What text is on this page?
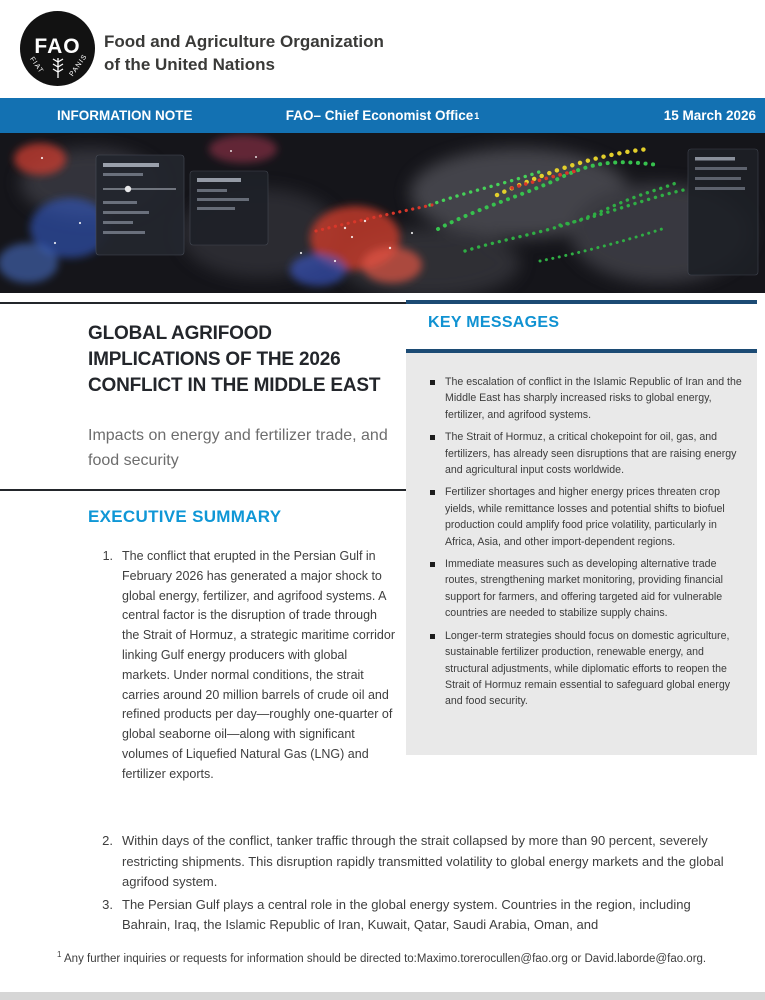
FAO
FIAT	PANIS
Food and Agriculture Organization
of the United Nations
INFORMATION NOTE	FAO– Chief Economist Office 1	15 March 2026
GLOBAL AGRIFOOD IMPLICATIONS OF THE 2026 CONFLICT IN THE MIDDLE EAST
Impacts on energy and fertilizer trade, and food security
EXECUTIVE SUMMARY
1. The conflict that erupted in the Persian Gulf in February 2026 has generated a major shock to global energy, fertilizer, and agrifood systems. A central factor is the disruption of trade through the Strait of Hormuz, a strategic maritime corridor linking Gulf energy producers with global markets. Under normal conditions, the strait carries around 20 million barrels of crude oil and refined products per day—roughly one-quarter of global seaborne oil—along with significant volumes of Liquefied Natural Gas (LNG) and fertilizer exports.
KEY MESSAGES
The escalation of conflict in the Islamic Republic of Iran and the Middle East has sharply increased risks to global energy, fertilizer, and agrifood systems.
The Strait of Hormuz, a critical chokepoint for oil, gas, and fertilizers, has already seen disruptions that are raising energy and agricultural input costs worldwide.
Fertilizer shortages and higher energy prices threaten crop yields, while remittance losses and potential shifts to biofuel production could amplify food price volatility, particularly in Africa, Asia, and other import-dependent regions.
Immediate measures such as developing alternative trade routes, strengthening market monitoring, providing financial support for farmers, and offering targeted aid for vulnerable countries are needed to stabilize supply chains.
Longer-term strategies should focus on domestic agriculture, sustainable fertilizer production, renewable energy, and structural adjustments, while diplomatic efforts to reopen the Strait of Hormuz remain essential to safeguard global energy and food security.
2. Within days of the conflict, tanker traffic through the strait collapsed by more than 90 percent, severely restricting shipments. This disruption rapidly transmitted volatility to global energy markets and the global agrifood system.
3. The Persian Gulf plays a central role in the global energy system. Countries in the region, including Bahrain, Iraq, the Islamic Republic of Iran, Kuwait, Qatar, Saudi Arabia, Oman, and
$^1$ Any further inquiries or requests for information should be directed to:Maximo.torerocullen@fao.org or David.laborde@fao.org.
